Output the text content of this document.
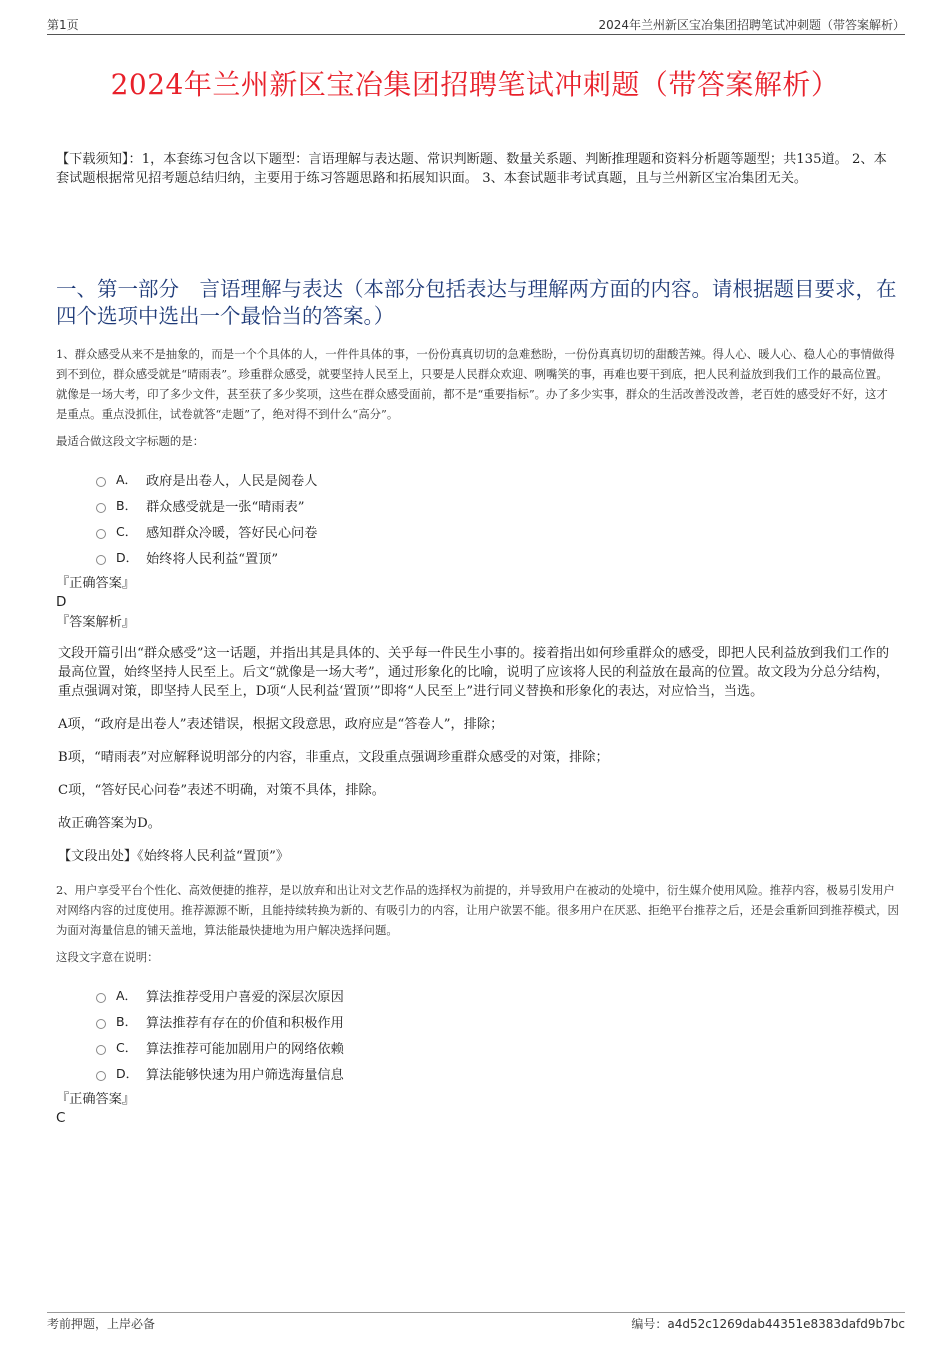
第1页	2024年兰州新区宝冶集团招聘笔试冲刺题（带答案解析）
2024年兰州新区宝冶集团招聘笔试冲刺题（带答案解析）
【下载须知】：1，本套练习包含以下题型：言语理解与表达题、常识判断题、数量关系题、判断推理题和资料分析题等题型；共135道。 2、本套试题根据常见招考题总结归纳，主要用于练习答题思路和拓展知识面。 3、本套试题非考试真题，且与兰州新区宝冶集团无关。
一、第一部分　言语理解与表达（本部分包括表达与理解两方面的内容。请根据题目要求，在四个选项中选出一个最恰当的答案。）

1、群众感受从来不是抽象的，而是一个个具体的人，一件件具体的事，一份份真真切切的急难愁盼，一份份真真切切的甜酸苦辣。得人心、暖人心、稳人心的事情做得到不到位，群众感受就是“晴雨表”。珍重群众感受，就要坚持人民至上，只要是人民群众欢迎、咧嘴笑的事，再难也要干到底，把人民利益放到我们工作的最高位置。就像是一场大考，印了多少文件，甚至获了多少奖项，这些在群众感受面前，都不是“重要指标”。办了多少实事，群众的生活改善没改善，老百姓的感受好不好，这才是重点。重点没抓住，试卷就答“走题”了，绝对得不到什么“高分”。

最适合做这段文字标题的是：

A． 政府是出卷人，人民是阅卷人
B． 群众感受就是一张“晴雨表”
C． 感知群众冷暖，答好民心问卷
D． 始终将人民利益“置顶”

『正确答案』

D

『答案解析』

文段开篇引出“群众感受”这一话题，并指出其是具体的、关乎每一件民生小事的。接着指出如何珍重群众的感受，即把人民利益放到我们工作的最高位置，始终坚持人民至上。后文“就像是一场大考”，通过形象化的比喻，说明了应该将人民的利益放在最高的位置。故文段为分总分结构，重点强调对策，即坚持人民至上，D项“人民利益‘置顶’”即将“人民至上”进行同义替换和形象化的表达，对应恰当，当选。

A项，“政府是出卷人”表述错误，根据文段意思，政府应是“答卷人”，排除；

B项，“晴雨表”对应解释说明部分的内容，非重点，文段重点强调珍重群众感受的对策，排除；

C项，“答好民心问卷”表述不明确，对策不具体，排除。

故正确答案为D。

【文段出处】《始终将人民利益“置顶”》

2、用户享受平台个性化、高效便捷的推荐，是以放弃和出让对文艺作品的选择权为前提的，并导致用户在被动的处境中，衍生媒介使用风险。推荐内容，极易引发用户对网络内容的过度使用。推荐源源不断，且能持续转换为新的、有吸引力的内容，让用户欲罢不能。很多用户在厌恶、拒绝平台推荐之后，还是会重新回到推荐模式，因为面对海量信息的铺天盖地，算法能最快捷地为用户解决选择问题。

这段文字意在说明：

A． 算法推荐受用户喜爱的深层次原因
B． 算法推荐有存在的价值和积极作用
C． 算法推荐可能加剧用户的网络依赖
D． 算法能够快速为用户筛选海量信息

『正确答案』

C

考前押题，上岸必备	编号：a4d52c1269dab44351e8383dafd9b7bc
